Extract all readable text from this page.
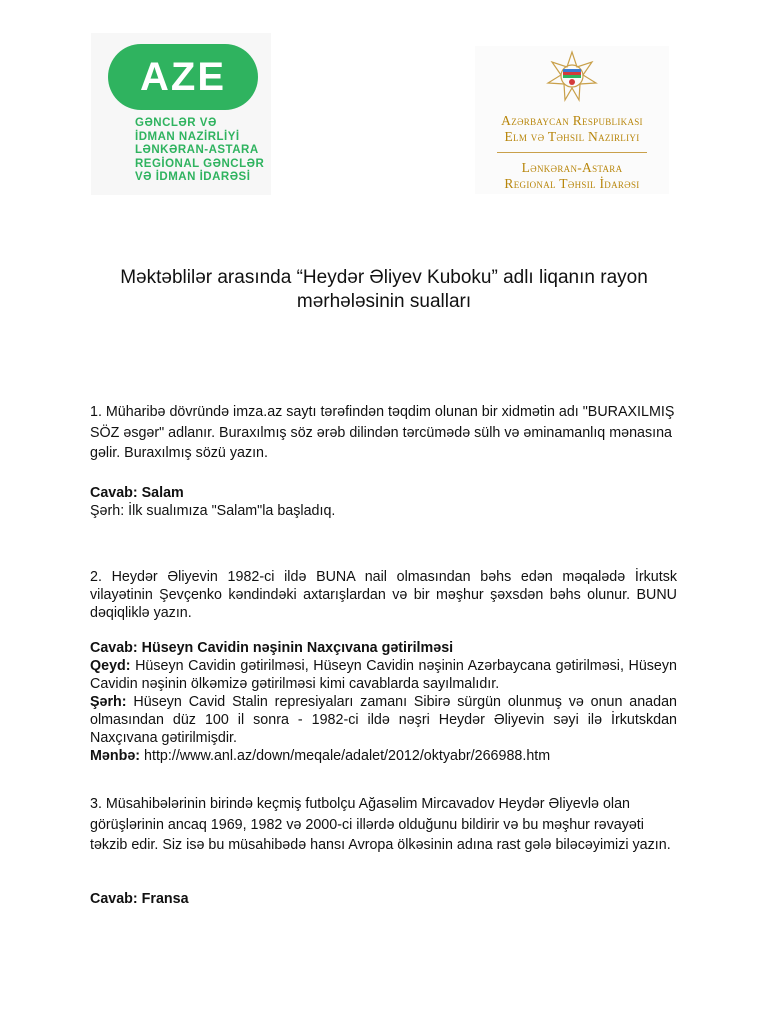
AZE
GƏNCLƏR VƏ
İDMAN NAZİRLİYİ
LƏNKƏRAN-ASTARA
REGİONAL GƏNCLƏR
VƏ İDMAN İDARƏSİ
Azərbaycan Respublikasi
Elm və Təhsil Nazirliyi
Lənkəran-Astara
Regional Təhsil İdarəsi
Məktəblilər arasında “Heydər Əliyev Kuboku” adlı liqanın rayon
mərhələsinin sualları

1. Müharibə dövründə imza.az saytı tərəfindən təqdim olunan bir xidmətin adı "BURAXILMIŞ SÖZ əsgər" adlanır. Buraxılmış söz ərəb dilindən tərcümədə sülh və əminamanlıq mənasına gəlir. Buraxılmış sözü yazın.

Cavab: Salam

Şərh: İlk sualımıza "Salam"la başladıq.

2. Heydər Əliyevin 1982-ci ildə BUNA nail olmasından bəhs edən məqalədə İrkutsk vilayətinin Şevçenko kəndindəki axtarışlardan və bir məşhur şəxsdən bəhs olunur. BUNU dəqiqliklə yazın.

Cavab: Hüseyn Cavidin nəşinin Naxçıvana gətirilməsi

Qeyd: Hüseyn Cavidin gətirilməsi, Hüseyn Cavidin nəşinin Azərbaycana gətirilməsi, Hüseyn Cavidin nəşinin ölkəmizə gətirilməsi kimi cavablarda sayılmalıdır.

Şərh: Hüseyn Cavid Stalin represiyaları zamanı Sibirə sürgün olunmuş və onun anadan olmasından düz 100 il sonra - 1982-ci ildə nəşri Heydər Əliyevin səyi ilə İrkutskdan Naxçıvana gətirilmişdir.

Mənbə: http://www.anl.az/down/meqale/adalet/2012/oktyabr/266988.htm

3. Müsahibələrinin birində keçmiş futbolçu Ağasəlim Mircavadov Heydər Əliyevlə olan görüşlərinin ancaq 1969, 1982 və 2000-ci illərdə olduğunu bildirir və bu məşhur rəvayəti təkzib edir. Siz isə bu müsahibədə hansı Avropa ölkəsinin adına rast gələ biləcəyimizi yazın.

Cavab: Fransa
